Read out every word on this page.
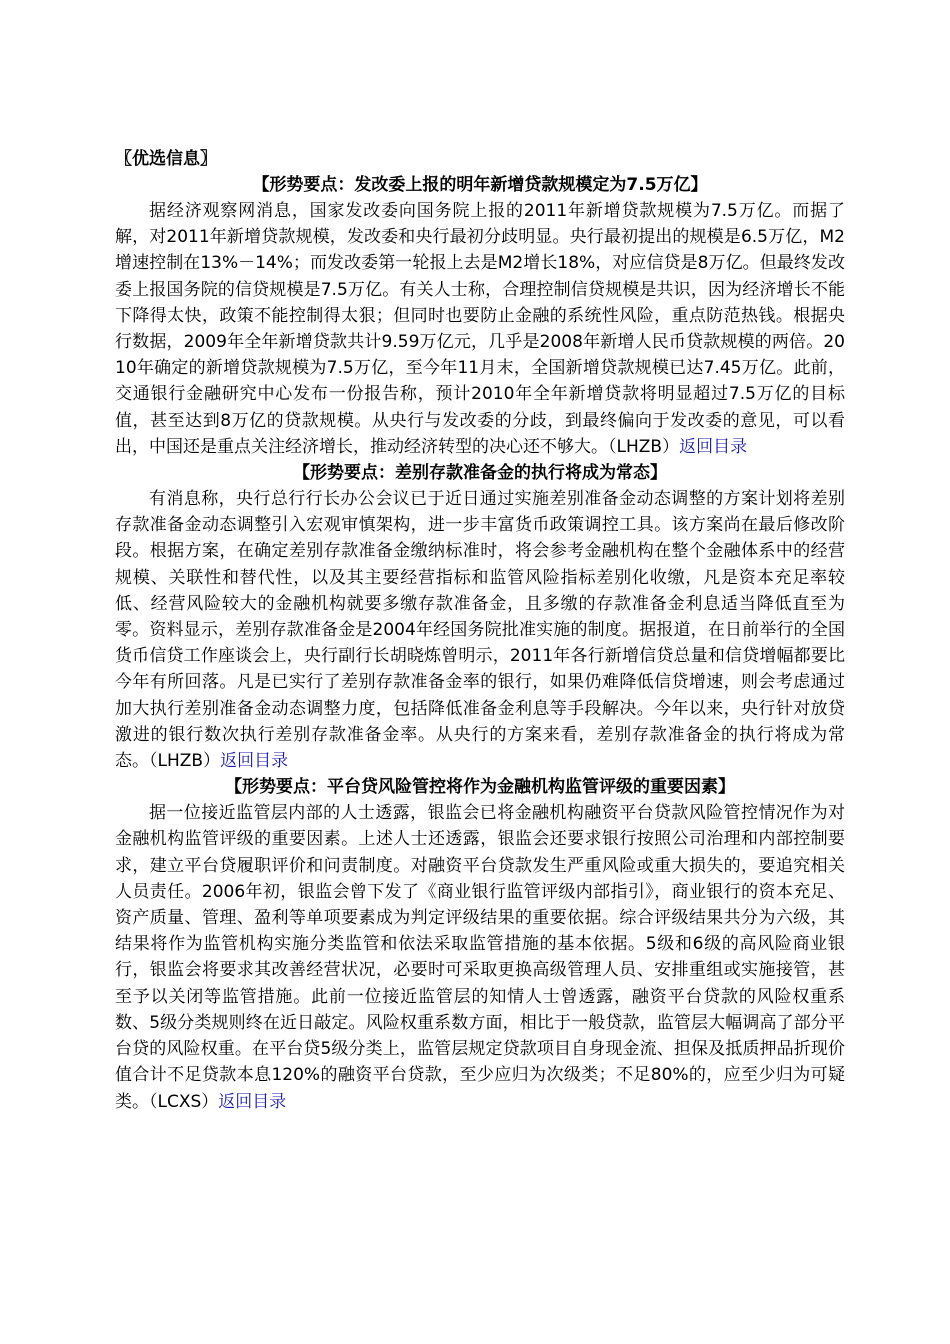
〖优选信息〗
【形势要点：发改委上报的明年新增贷款规模定为7.5万亿】

据经济观察网消息，国家发改委向国务院上报的2011年新增贷款规模为7.5万亿。而据了解，对2011年新增贷款规模，发改委和央行最初分歧明显。央行最初提出的规模是6.5万亿，M2增速控制在13%－14%；而发改委第一轮报上去是M2增长18%，对应信贷是8万亿。但最终发改委上报国务院的信贷规模是7.5万亿。有关人士称，合理控制信贷规模是共识，因为经济增长不能下降得太快，政策不能控制得太狠；但同时也要防止金融的系统性风险，重点防范热钱。根据央行数据，2009年全年新增贷款共计9.59万亿元，几乎是2008年新增人民币贷款规模的两倍。2010年确定的新增贷款规模为7.5万亿，至今年11月末，全国新增贷款规模已达7.45万亿。此前，交通银行金融研究中心发布一份报告称，预计2010年全年新增贷款将明显超过7.5万亿的目标值，甚至达到8万亿的贷款规模。从央行与发改委的分歧，到最终偏向于发改委的意见，可以看出，中国还是重点关注经济增长，推动经济转型的决心还不够大。（LHZB）返回目录

【形势要点：差别存款准备金的执行将成为常态】

有消息称，央行总行行长办公会议已于近日通过实施差别准备金动态调整的方案计划将差别存款准备金动态调整引入宏观审慎架构，进一步丰富货币政策调控工具。该方案尚在最后修改阶段。根据方案，在确定差别存款准备金缴纳标准时，将会参考金融机构在整个金融体系中的经营规模、关联性和替代性，以及其主要经营指标和监管风险指标差别化收缴，凡是资本充足率较低、经营风险较大的金融机构就要多缴存款准备金，且多缴的存款准备金利息适当降低直至为零。资料显示，差别存款准备金是2004年经国务院批准实施的制度。据报道，在日前举行的全国货币信贷工作座谈会上，央行副行长胡晓炼曾明示，2011年各行新增信贷总量和信贷增幅都要比今年有所回落。凡是已实行了差别存款准备金率的银行，如果仍难降低信贷增速，则会考虑通过加大执行差别准备金动态调整力度，包括降低准备金利息等手段解决。今年以来，央行针对放贷激进的银行数次执行差别存款准备金率。从央行的方案来看，差别存款准备金的执行将成为常态。（LHZB）返回目录

【形势要点：平台贷风险管控将作为金融机构监管评级的重要因素】

据一位接近监管层内部的人士透露，银监会已将金融机构融资平台贷款风险管控情况作为对金融机构监管评级的重要因素。上述人士还透露，银监会还要求银行按照公司治理和内部控制要求，建立平台贷履职评价和问责制度。对融资平台贷款发生严重风险或重大损失的，要追究相关人员责任。2006年初，银监会曾下发了《商业银行监管评级内部指引》，商业银行的资本充足、资产质量、管理、盈利等单项要素成为判定评级结果的重要依据。综合评级结果共分为六级，其结果将作为监管机构实施分类监管和依法采取监管措施的基本依据。5级和6级的高风险商业银行，银监会将要求其改善经营状况，必要时可采取更换高级管理人员、安排重组或实施接管，甚至予以关闭等监管措施。此前一位接近监管层的知情人士曾透露，融资平台贷款的风险权重系数、5级分类规则终在近日敲定。风险权重系数方面，相比于一般贷款，监管层大幅调高了部分平台贷的风险权重。在平台贷5级分类上，监管层规定贷款项目自身现金流、担保及抵质押品折现价值合计不足贷款本息120%的融资平台贷款，至少应归为次级类；不足80%的，应至少归为可疑类。（LCXS）返回目录
